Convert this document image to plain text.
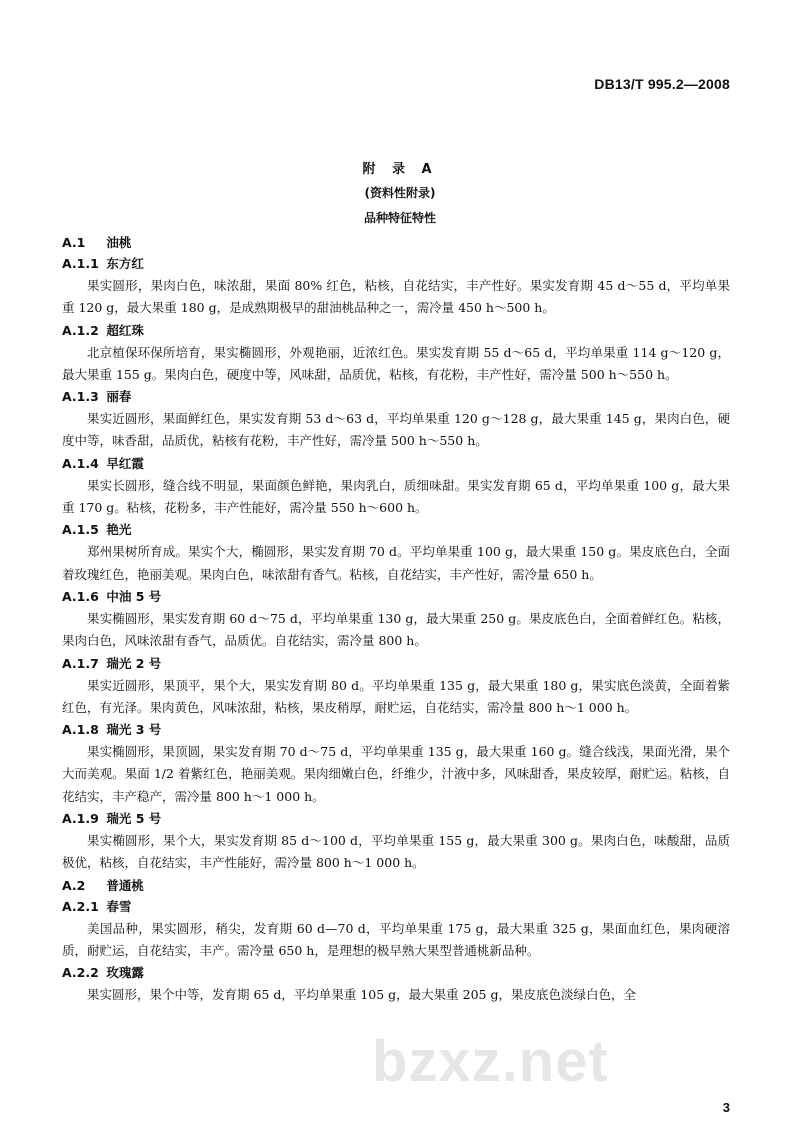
DB13/T 995.2—2008
附 录 A
(资料性附录)
品种特征特性
A.1 油桃
A.1.1 东方红
果实圆形，果肉白色，味浓甜，果面 80% 红色，粘核，自花结实，丰产性好。果实发育期 45 d～55 d，平均单果重 120 g，最大果重 180 g，是成熟期极早的甜油桃品种之一，需冷量 450 h～500 h。
A.1.2 超红珠
北京植保环保所培育，果实椭圆形，外观艳丽，近浓红色。果实发育期 55 d～65 d，平均单果重 114 g～120 g，最大果重 155 g。果肉白色，硬度中等，风味甜，品质优，粘核，有花粉，丰产性好，需冷量 500 h～550 h。
A.1.3 丽春
果实近圆形，果面鲜红色，果实发育期 53 d～63 d，平均单果重 120 g～128 g，最大果重 145 g，果肉白色，硬度中等，味香甜，品质优，粘核有花粉，丰产性好，需冷量 500 h～550 h。
A.1.4 早红霞
果实长圆形，缝合线不明显，果面颜色鲜艳，果肉乳白，质细味甜。果实发育期 65 d，平均单果重 100 g，最大果重 170 g。粘核，花粉多，丰产性能好，需冷量 550 h～600 h。
A.1.5 艳光
郑州果树所育成。果实个大，椭圆形，果实发育期 70 d。平均单果重 100 g，最大果重 150 g。果皮底色白，全面着玫瑰红色，艳丽美观。果肉白色，味浓甜有香气。粘核，自花结实，丰产性好，需冷量 650 h。
A.1.6 中油 5 号
果实椭圆形，果实发育期 60 d～75 d，平均单果重 130 g，最大果重 250 g。果皮底色白，全面着鲜红色。粘核，果肉白色，风味浓甜有香气，品质优。自花结实，需冷量 800 h。
A.1.7 瑞光 2 号
果实近圆形，果顶平，果个大，果实发育期 80 d。平均单果重 135 g，最大果重 180 g，果实底色淡黄，全面着紫红色，有光泽。果肉黄色，风味浓甜，粘核，果皮稍厚，耐贮运，自花结实，需冷量 800 h～1 000 h。
A.1.8 瑞光 3 号
果实椭圆形，果顶圆，果实发育期 70 d～75 d，平均单果重 135 g，最大果重 160 g。缝合线浅，果面光滑，果个大而美观。果面 1/2 着紫红色，艳丽美观。果肉细嫩白色，纤维少，汁液中多，风味甜香，果皮较厚，耐贮运。粘核，自花结实，丰产稳产，需冷量 800 h～1 000 h。
A.1.9 瑞光 5 号
果实椭圆形，果个大，果实发育期 85 d～100 d，平均单果重 155 g，最大果重 300 g。果肉白色，味酸甜，品质极优，粘核，自花结实，丰产性能好，需冷量 800 h～1 000 h。
A.2 普通桃
A.2.1 春雪
美国品种，果实圆形，稍尖，发育期 60 d—70 d，平均单果重 175 g，最大果重 325 g，果面血红色，果肉硬溶质，耐贮运，自花结实，丰产。需冷量 650 h，是理想的极早熟大果型普通桃新品种。
A.2.2 玫瑰露
果实圆形，果个中等，发育期 65 d，平均单果重 105 g，最大果重 205 g，果皮底色淡绿白色，全
bzxz.net
3
